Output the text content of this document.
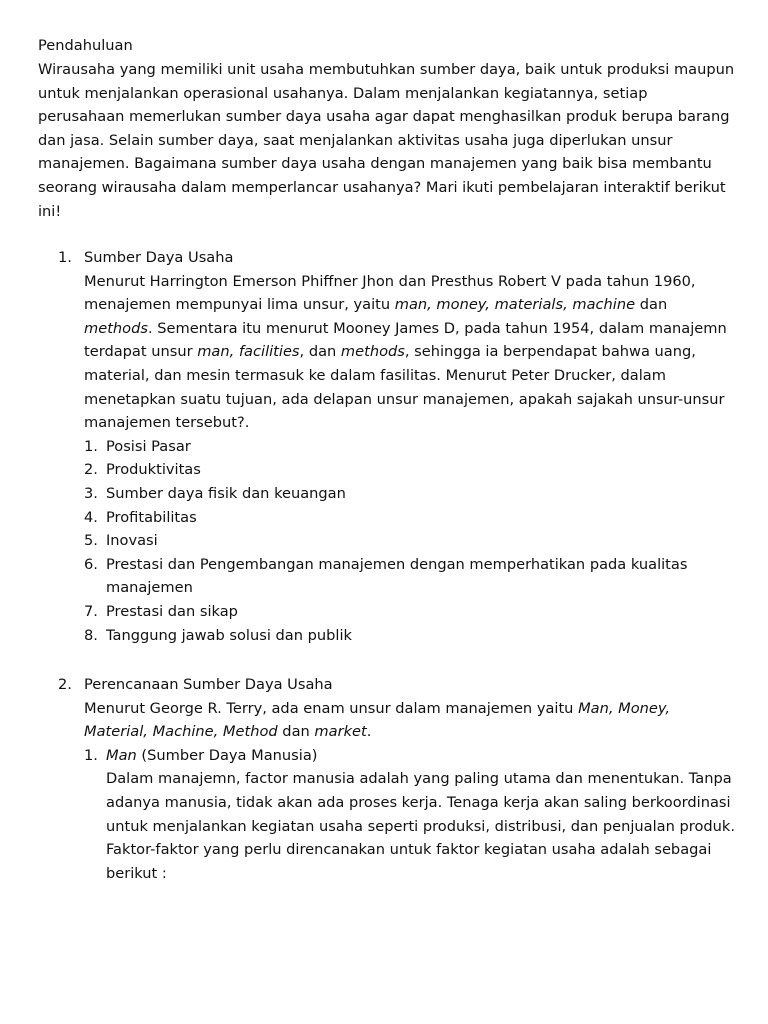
Pendahuluan

Wirausaha yang memiliki unit usaha membutuhkan sumber daya, baik untuk produksi maupun untuk menjalankan operasional usahanya. Dalam menjalankan kegiatannya, setiap perusahaan memerlukan sumber daya usaha agar dapat menghasilkan produk berupa barang dan jasa. Selain sumber daya, saat menjalankan aktivitas usaha juga diperlukan unsur manajemen. Bagaimana sumber daya usaha dengan manajemen yang baik bisa membantu seorang wirausaha dalam memperlancar usahanya? Mari ikuti pembelajaran interaktif berikut ini!

1. Sumber Daya Usaha

Menurut Harrington Emerson Phiffner Jhon dan Presthus Robert V pada tahun 1960, menajemen mempunyai lima unsur, yaitu man, money, materials, machine dan methods. Sementara itu menurut Mooney James D, pada tahun 1954, dalam manajemn terdapat unsur man, facilities, dan methods, sehingga ia berpendapat bahwa uang, material, dan mesin termasuk ke dalam fasilitas. Menurut Peter Drucker, dalam menetapkan suatu tujuan, ada delapan unsur manajemen, apakah sajakah unsur-unsur manajemen tersebut?.

1. Posisi Pasar
2. Produktivitas
3. Sumber daya fisik dan keuangan
4. Profitabilitas
5. Inovasi
6. Prestasi dan Pengembangan manajemen dengan memperhatikan pada kualitas manajemen
7. Prestasi dan sikap
8. Tanggung jawab solusi dan publik
2. Perencanaan Sumber Daya Usaha

Menurut George R. Terry, ada enam unsur dalam manajemen yaitu Man, Money, Material, Machine, Method dan market.

1. Man (Sumber Daya Manusia)

Dalam manajemn, factor manusia adalah yang paling utama dan menentukan. Tanpa adanya manusia, tidak akan ada proses kerja. Tenaga kerja akan saling berkoordinasi untuk menjalankan kegiatan usaha seperti produksi, distribusi, dan penjualan produk.

Faktor-faktor yang perlu direncanakan untuk faktor kegiatan usaha adalah sebagai berikut :
